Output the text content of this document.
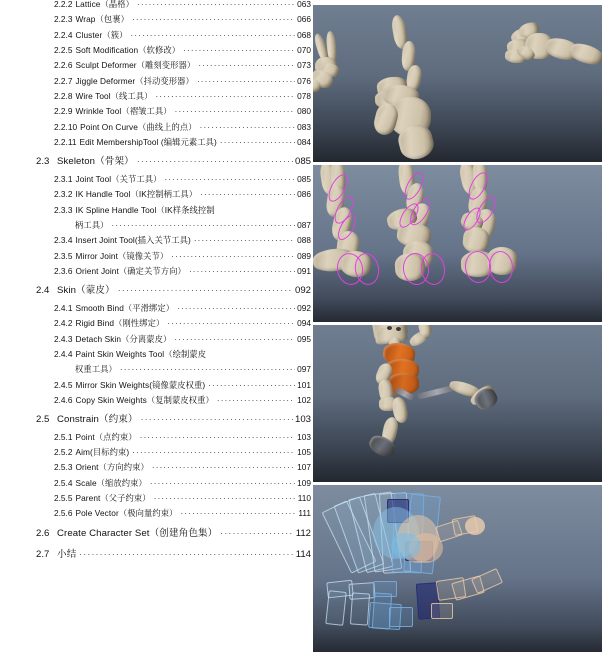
2.2.2 Lattice（晶格） ·····	063
2.2.3 Wrap（包裹） ·····	066
2.2.4 Cluster（簇） ·····	068
2.2.5 Soft Modification（软修改） ·····	070
2.2.6 Sculpt Deformer（雕刻变形器） ·····	073
2.2.7 Jiggle Deformer（抖动变形器） ·····	076
2.2.8 Wire Tool（线工具） ·····	078
2.2.9 Wrinkle Tool（褶皱工具） ·····	080
2.2.10 Point On Curve（曲线上的点） ·····	083
2.2.11 Edit MembershipTool (编辑元素工具) ·····	084
2.3 Skeleton（骨架） ·····	085
2.3.1 Joint Tool（关节工具） ·····	085
2.3.2 IK Handle Tool（IK控制柄工具） ·····	086
2.3.3 IK Spline Handle Tool（IK样条线控制
柄工具） ·····	087
2.3.4 Insert Joint Tool(插入关节工具) ·····	088
2.3.5 Mirror Joint（镜像关节） ·····	089
2.3.6 Orient Joint（确定关节方向） ·····	091
2.4 Skin（蒙皮） ·····	092
2.4.1 Smooth Bind（平滑绑定） ·····	092
2.4.2 Rigid Bind（刚性绑定） ·····	094
2.4.3 Detach Skin（分离蒙皮） ·····	095
2.4.4 Paint Skin Weights Tool（绘制蒙皮
权重工具） ·····	097
2.4.5 Mirror Skin Weights(镜像蒙皮权重) ·····	101
2.4.6 Copy Skin Weights（复制蒙皮权重） ·····	102
2.5 Constrain（约束） ·····	103
2.5.1 Point（点约束） ·····	103
2.5.2 Aim(目标约束) ·····	105
2.5.3 Orient（方向约束） ·····	107
2.5.4 Scale（缩放约束） ·····	109
2.5.5 Parent（父子约束） ·····	110
2.5.6 Pole Vector（极向量约束） ·····	111
2.6 Create Character Set（创建角色集） ·····	112
2.7 小结 ·····	114
